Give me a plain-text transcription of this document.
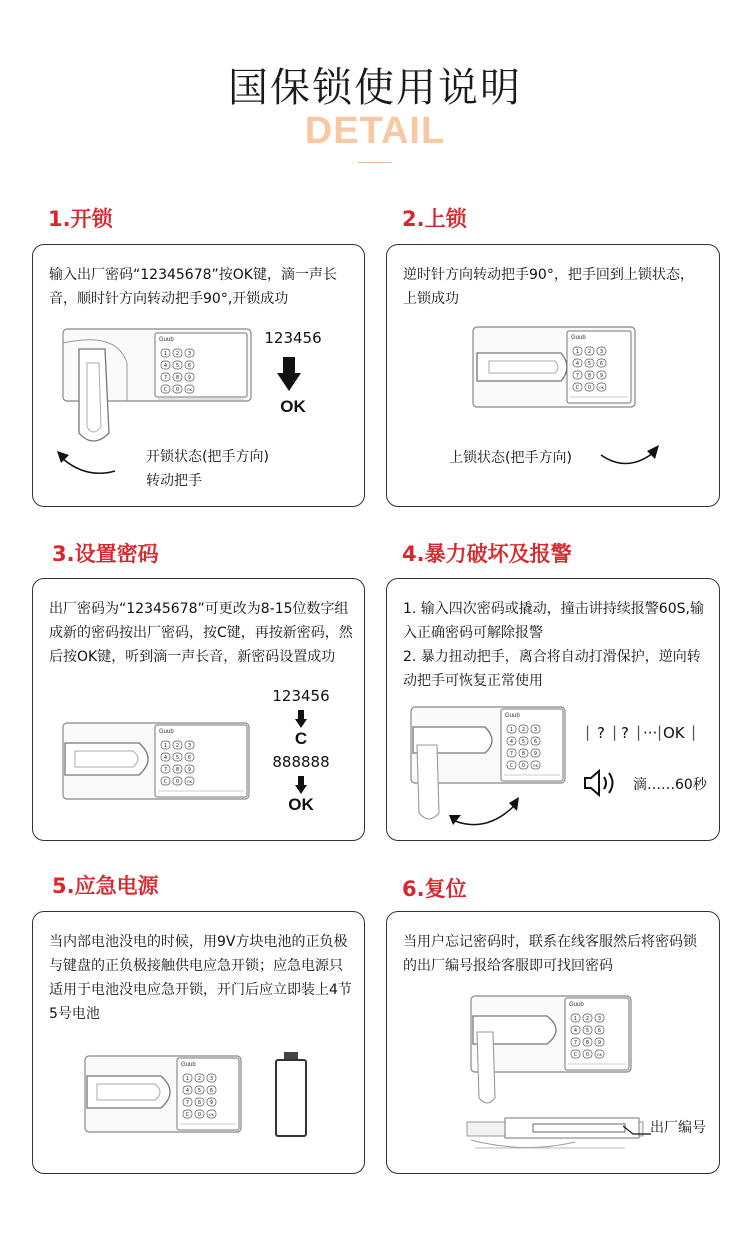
国保锁使用说明
DETAIL
1.开锁
输入出厂密码“12345678”按OK键，滴一声长音，顺时针方向转动把手90°,开锁成功
Guub
1 2 3
4 5 6
7 8 9
C 0 OK
123456
OK
开锁状态(把手方向)
转动把手
2.上锁
逆时针方向转动把手90°，把手回到上锁状态，上锁成功
Guub
1 2 3
4 5 6
7 8 9
C 0 OK
上锁状态(把手方向)
3.设置密码
出厂密码为“12345678”可更改为8-15位数字组成新的密码按出厂密码，按C键，再按新密码，然后按OK键，听到滴一声长音，新密码设置成功
Guub
1 2 3
4 5 6
7 8 9
C 0 OK
123456
C
888888
OK
4.暴力破坏及报警
1. 输入四次密码或撬动，撞击讲持续报警60S,输入正确密码可解除报警
2. 暴力扭动把手，离合将自动打滑保护，逆向转动把手可恢复正常使用
Guub
1 2 3
4 5 6
7 8 9
C 0 OK
| ? | ? | ··· | OK |
滴……60秒
5.应急电源
当内部电池没电的时候，用9V方块电池的正负极与键盘的正负极接触供电应急开锁；应急电源只适用于电池没电应急开锁，开门后应立即装上4节5号电池
Guub
1 2 3
4 5 6
7 8 9
C 0 OK
6.复位
当用户忘记密码时，联系在线客服然后将密码锁的出厂编号报给客服即可找回密码
Guub
1 2 3
4 5 6
7 8 9
C 0 OK
出厂编号
